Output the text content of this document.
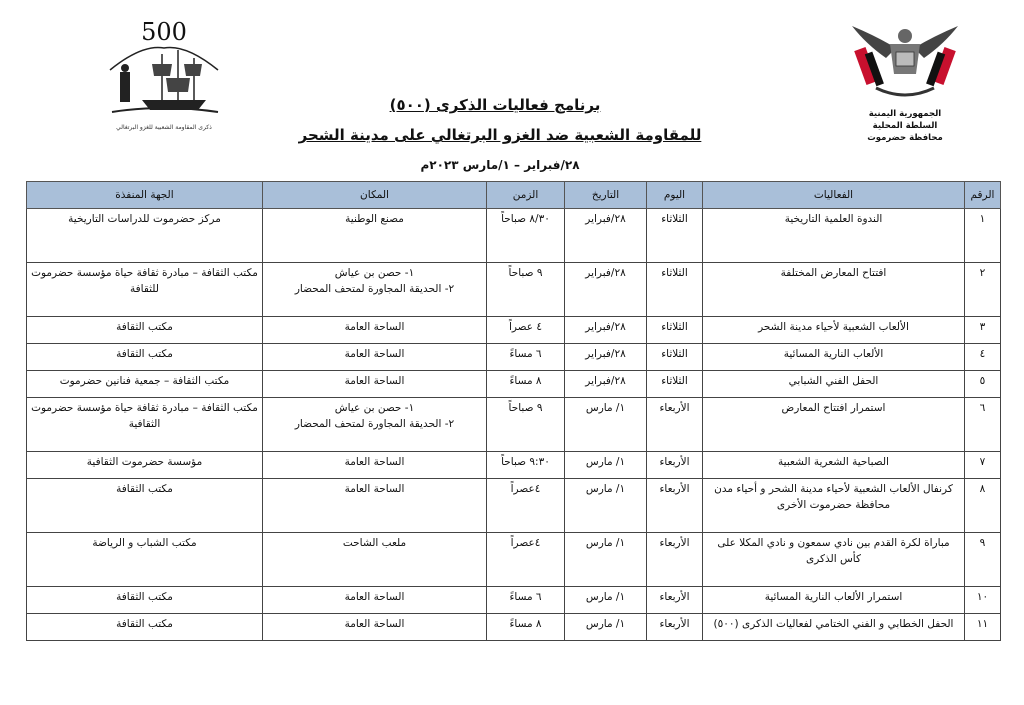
500
ذكرى المقاومة الشعبية للغزو البرتغالي
الجمهورية اليمنية
السلطة المحلية
محافظة حضرموت
برنامج فعاليات الذكرى (٥٠٠)
للمقاومة الشعبية ضد الغزو البرتغالي على مدينة الشحر
٢٨/فبراير – ١/مارس ٢٠٢٣م
الرقم	الفعاليات	اليوم	التاريخ	الزمن	المكان	الجهة المنفذة
١	الندوة العلمية التاريخية	الثلاثاء	٢٨/فبراير	٨/٣٠ صباحاً	مصنع الوطنية	مركز حضرموت للدراسات التاريخية
٢	افتتاح المعارض المختلفة	الثلاثاء	٢٨/فبراير	٩ صباحاً	١- حصن بن عياش
٢- الحديقة المجاورة لمتحف المحضار	مكتب الثقافة – مبادرة ثقافة حياة مؤسسة حضرموت للثقافة
٣	الألعاب الشعبية لأحياء مدينة الشحر	الثلاثاء	٢٨/فبراير	٤ عصراً	الساحة العامة	مكتب الثقافة
٤	الألعاب النارية المسائية	الثلاثاء	٢٨/فبراير	٦ مساءً	الساحة العامة	مكتب الثقافة
٥	الحفل الفني الشبابي	الثلاثاء	٢٨/فبراير	٨ مساءً	الساحة العامة	مكتب الثقافة – جمعية فنانين حضرموت
٦	استمرار افتتاح المعارض	الأربعاء	١/ مارس	٩ صباحاً	١- حصن بن عياش
٢- الحديقة المجاورة لمتحف المحضار	مكتب الثقافة – مبادرة ثقافة حياة مؤسسة حضرموت الثقافية
٧	الصباحية الشعرية الشعبية	الأربعاء	١/ مارس	٩:٣٠ صباحاً	الساحة العامة	مؤسسة حضرموت الثقافية
٨	كرنفال الألعاب الشعبية لأحياء مدينة الشحر و أحياء مدن محافظة حضرموت الأخرى	الأربعاء	١/ مارس	٤عصراً	الساحة العامة	مكتب الثقافة
٩	مباراة لكرة القدم بين نادي سمعون و نادي المكلا على كأس الذكرى	الأربعاء	١/ مارس	٤عصراً	ملعب الشاحت	مكتب الشباب و الرياضة
١٠	استمرار الألعاب النارية المسائية	الأربعاء	١/ مارس	٦ مساءً	الساحة العامة	مكتب الثقافة
١١	الحفل الخطابي و الفني الختامي لفعاليات الذكرى (٥٠٠)	الأربعاء	١/ مارس	٨ مساءً	الساحة العامة	مكتب الثقافة
